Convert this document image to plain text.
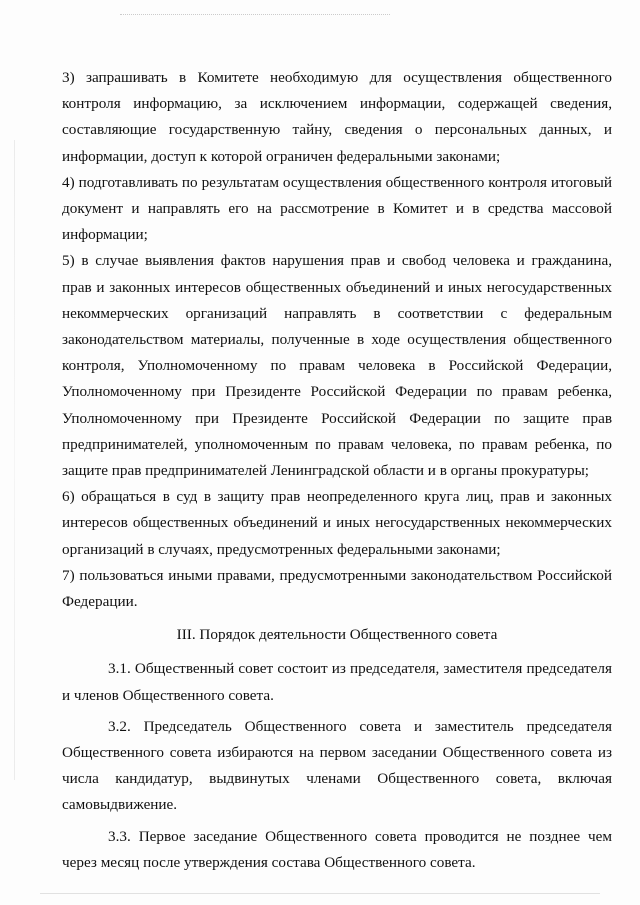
3) запрашивать в Комитете необходимую для осуществления общественного контроля информацию, за исключением информации, содержащей сведения, составляющие государственную тайну, сведения о персональных данных, и информации, доступ к которой ограничен федеральными законами;

4) подготавливать по результатам осуществления общественного контроля итоговый документ и направлять его на рассмотрение в Комитет и в средства массовой информации;

5) в случае выявления фактов нарушения прав и свобод человека и гражданина, прав и законных интересов общественных объединений и иных негосударственных некоммерческих организаций направлять в соответствии с федеральным законодательством материалы, полученные в ходе осуществления общественного контроля, Уполномоченному по правам человека в Российской Федерации, Уполномоченному при Президенте Российской Федерации по правам ребенка, Уполномоченному при Президенте Российской Федерации по защите прав предпринимателей, уполномоченным по правам человека, по правам ребенка, по защите прав предпринимателей Ленинградской области и в органы прокуратуры;

6) обращаться в суд в защиту прав неопределенного круга лиц, прав и законных интересов общественных объединений и иных негосударственных некоммерческих организаций в случаях, предусмотренных федеральными законами;

7) пользоваться иными правами, предусмотренными законодательством Российской Федерации.

III. Порядок деятельности Общественного совета

3.1. Общественный совет состоит из председателя, заместителя председателя и членов Общественного совета.

3.2. Председатель Общественного совета и заместитель председателя Общественного совета избираются на первом заседании Общественного совета из числа кандидатур, выдвинутых членами Общественного совета, включая самовыдвижение.

3.3. Первое заседание Общественного совета проводится не позднее чем через месяц после утверждения состава Общественного совета.
